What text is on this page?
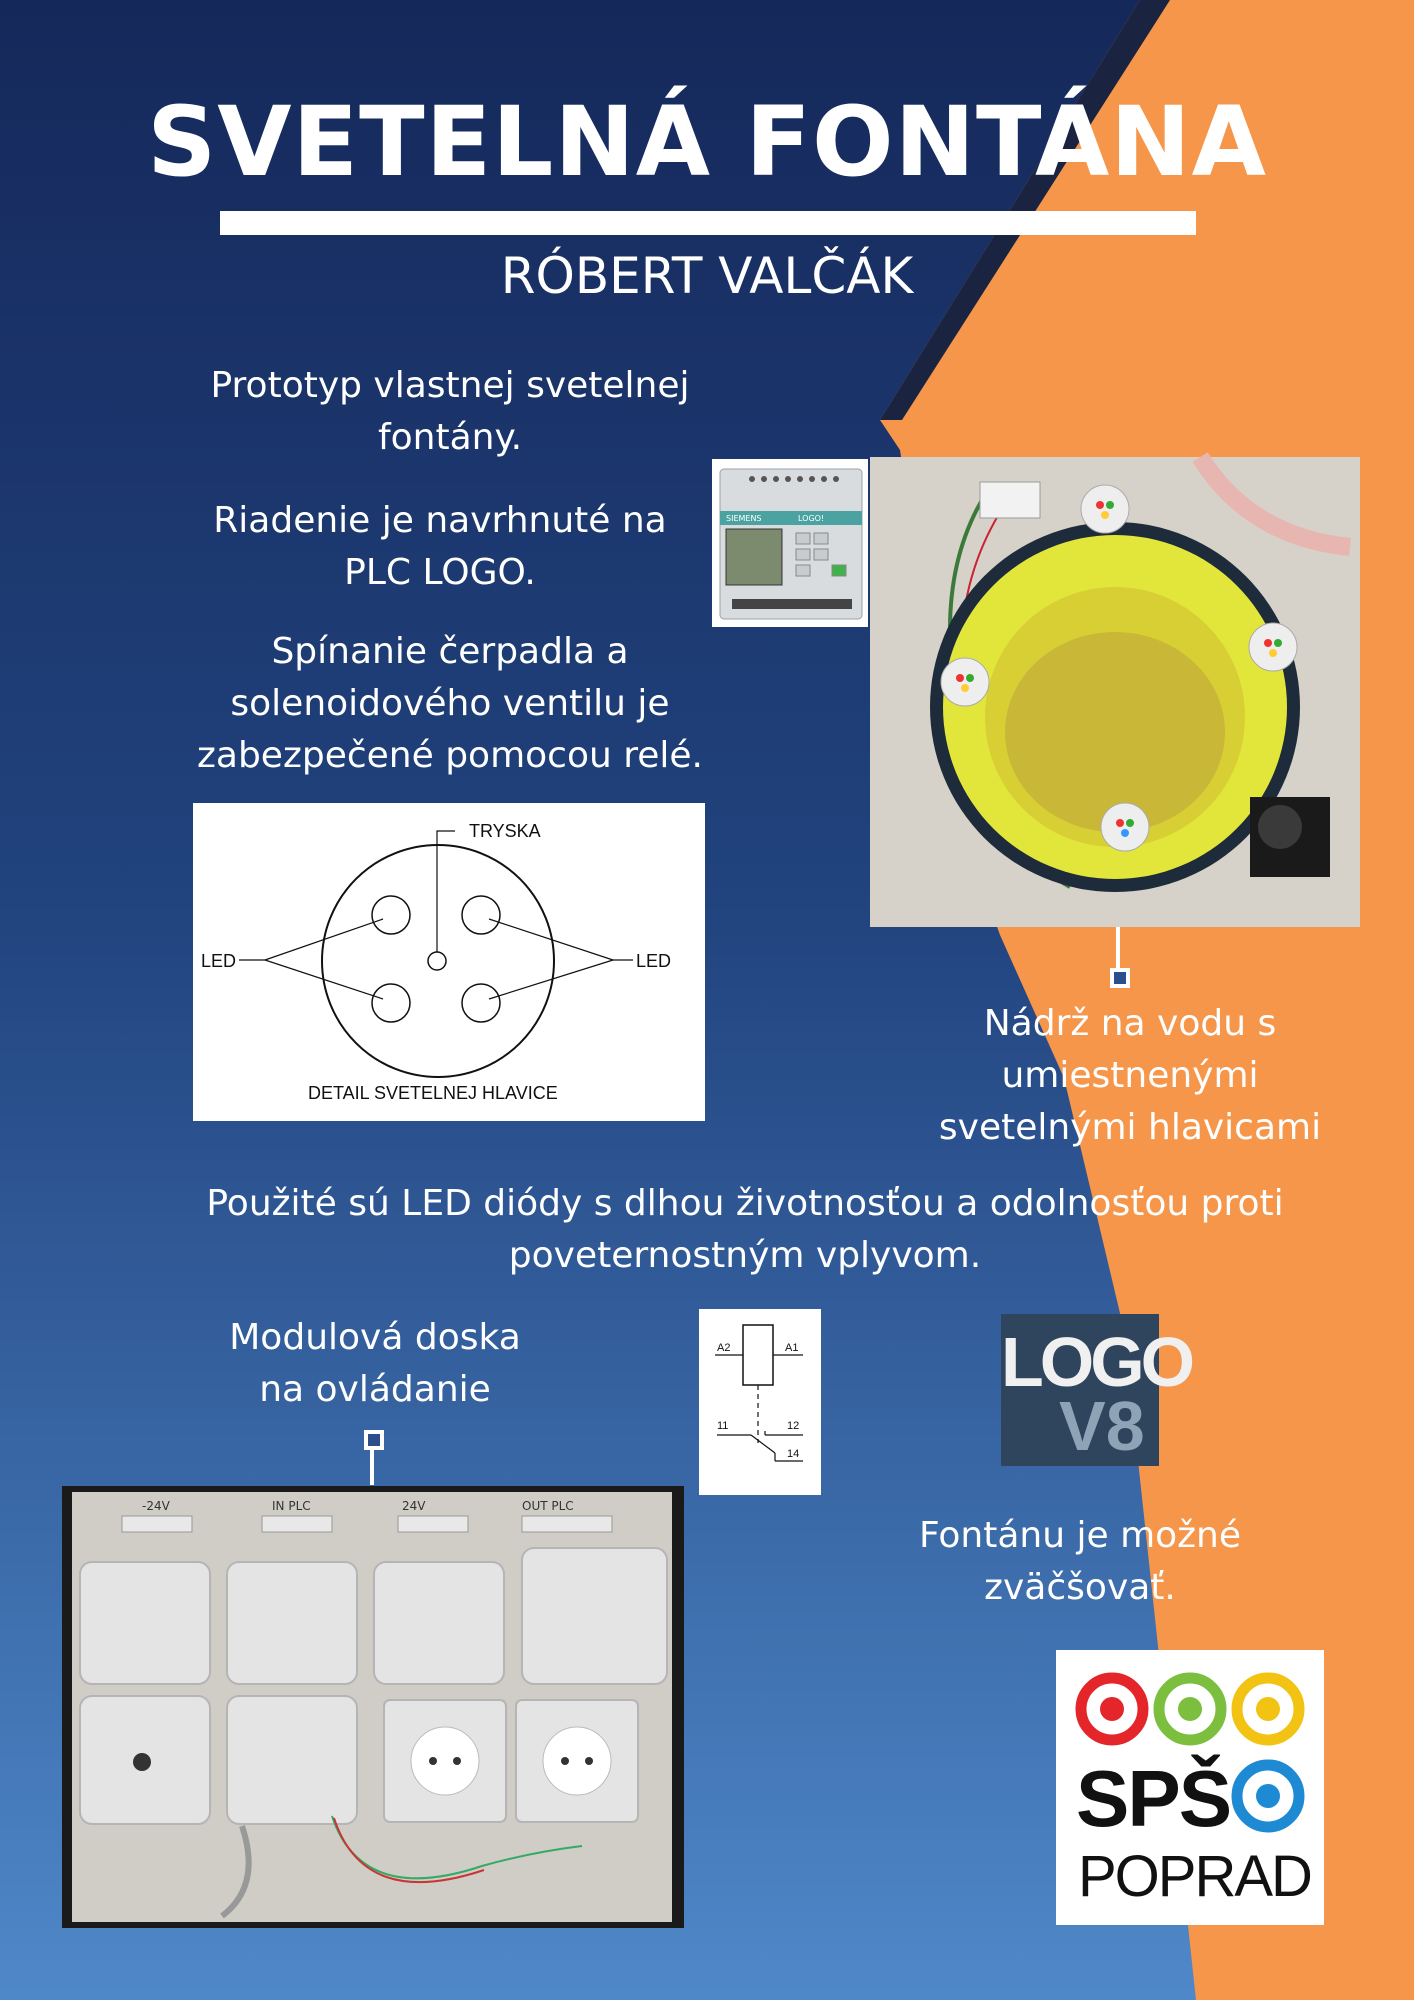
SVETELNÁ FONTÁNA
RÓBERT VALČÁK
Prototyp vlastnej svetelnej fontány.
Riadenie je navrhnuté na PLC LOGO.
Spínanie čerpadla a solenoidového ventilu je zabezpečené pomocou relé.
SIEMENS	LOGO!
Nádrž na vodu s umiestnenými svetelnými hlavicami
TRYSKA
LED	LED
DETAIL SVETELNEJ HLAVICE
Použité sú LED diódy s dlhou životnosťou a odolnosťou proti poveternostným vplyvom.
Modulová doska na ovládanie
-24V	IN PLC	24V	OUT PLC
A2	A1
11	12
14
LOGO
V8
Fontánu je možné zväčšovať.
SPŠ
POPRAD
